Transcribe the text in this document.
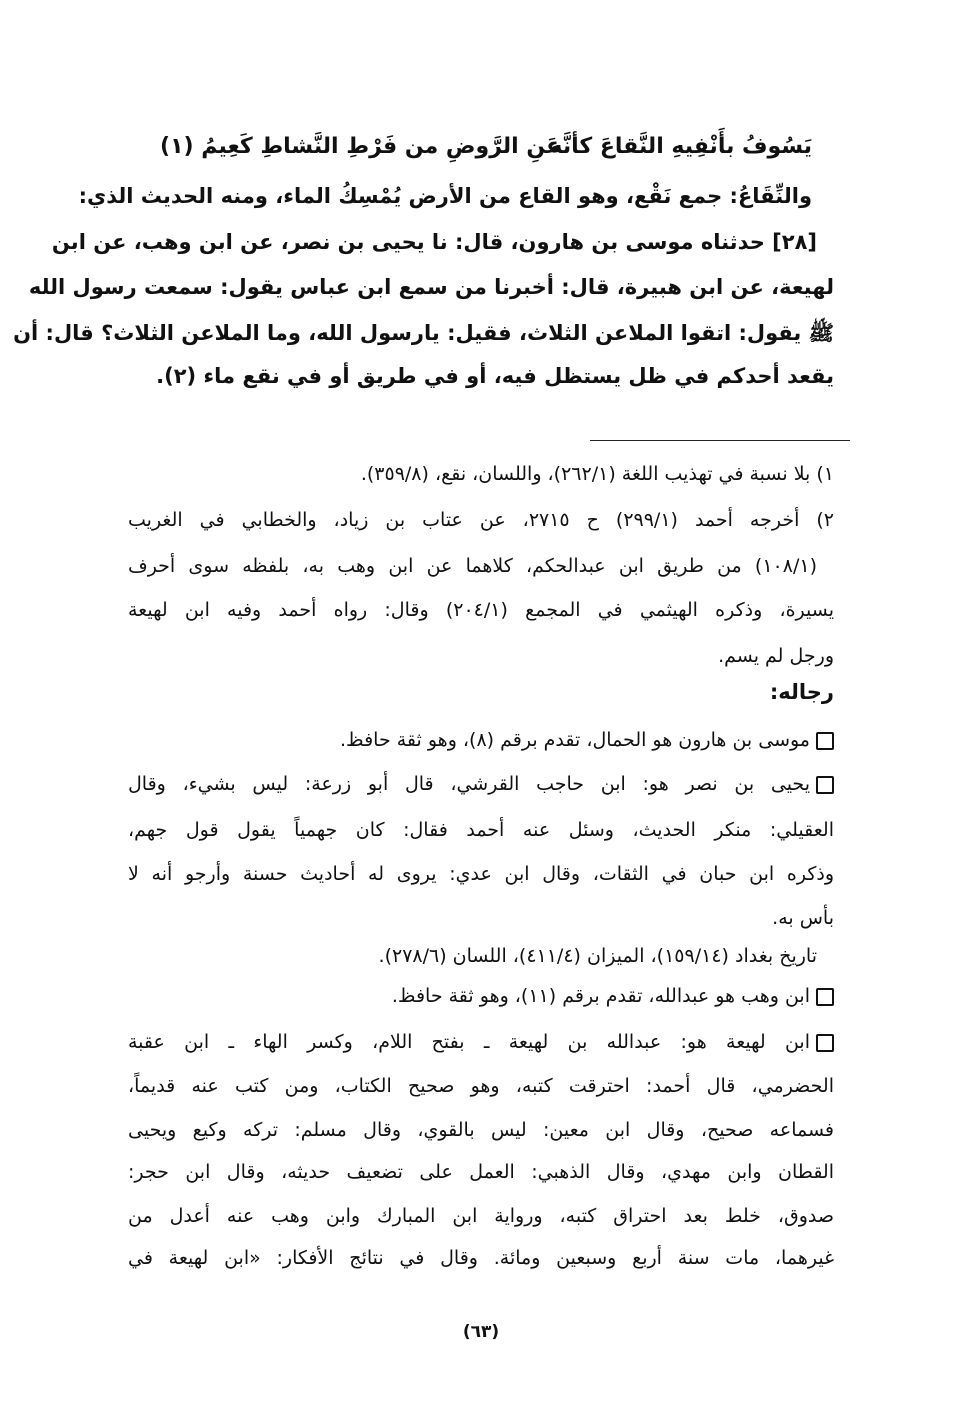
يَسُوفُ بأَنْفِيهِ النَّقاعَ كأنَّه
عَنِ الرَّوضِ من فَرْطِ النَّشاطِ كَعِيمُ (١)
والنِّقَاعُ: جمع نَقْع، وهو القاع من الأرض يُمْسِكُ الماء، ومنه الحديث الذي:
[٢٨] حدثناه موسى بن هارون، قال: نا يحيى بن نصر، عن ابن وهب، عن ابن
لهيعة، عن ابن هبيرة، قال: أخبرنا من سمع ابن عباس يقول: سمعت رسول الله
ﷺ يقول: اتقوا الملاعن الثلاث، فقيل: يارسول الله، وما الملاعن الثلاث؟ قال: أن
يقعد أحدكم في ظل يستظل فيه، أو في طريق أو في نقع ماء (٢).
١) بلا نسبة في تهذيب اللغة (٢٦٢/١)، واللسان، نقع، (٣٥٩/٨).
٢) أخرجه أحمد (٢٩٩/١) ح ٢٧١٥، عن عتاب بن زياد، والخطابي في الغريب
(١٠٨/١) من طريق ابن عبدالحكم، كلاهما عن ابن وهب به، بلفظه سوى أحرف
يسيرة، وذكره الهيثمي في المجمع (٢٠٤/١) وقال: رواه أحمد وفيه ابن لهيعة
ورجل لم يسم.
رجاله:
موسى بن هارون هو الحمال، تقدم برقم (٨)، وهو ثقة حافظ.
يحيى بن نصر هو: ابن حاجب القرشي، قال أبو زرعة: ليس بشيء، وقال
العقيلي: منكر الحديث، وسئل عنه أحمد فقال: كان جهمياً يقول قول جهم،
وذكره ابن حبان في الثقات، وقال ابن عدي: يروى له أحاديث حسنة وأرجو أنه لا
بأس به.
تاريخ بغداد (١٥٩/١٤)، الميزان (٤١١/٤)، اللسان (٢٧٨/٦).
ابن وهب هو عبدالله، تقدم برقم (١١)، وهو ثقة حافظ.
ابن لهيعة هو: عبدالله بن لهيعة ـ بفتح اللام، وكسر الهاء ـ ابن عقبة
الحضرمي، قال أحمد: احترقت كتبه، وهو صحيح الكتاب، ومن كتب عنه قديماً،
فسماعه صحيح، وقال ابن معين: ليس بالقوي، وقال مسلم: تركه وكيع ويحيى
القطان وابن مهدي، وقال الذهبي: العمل على تضعيف حديثه، وقال ابن حجر:
صدوق، خلط بعد احتراق كتبه، ورواية ابن المبارك وابن وهب عنه أعدل من
غيرهما، مات سنة أربع وسبعين ومائة. وقال في نتائج الأفكار: «ابن لهيعة في
(٦٣)
